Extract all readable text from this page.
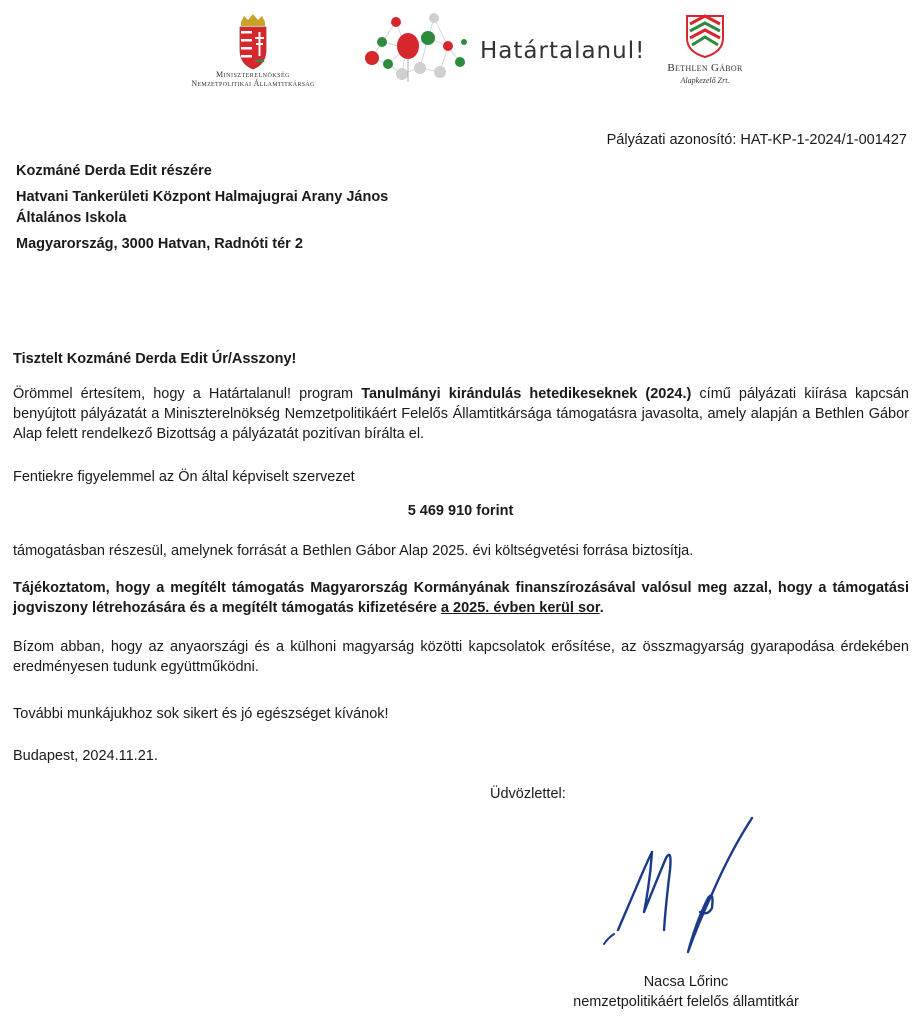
Miniszterelnökség
Nemzetpolitikai Államtitkárság
Határtalanul!
Bethlen Gábor
Alapkezelő Zrt.
Pályázati azonosító: HAT-KP-1-2024/1-001427
Kozmáné Derda Edit részére
Hatvani Tankerületi Központ Halmajugrai Arany János
Általános Iskola
Magyarország, 3000 Hatvan, Radnóti tér 2
Tisztelt Kozmáné Derda Edit Úr/Asszony!
Örömmel értesítem, hogy a Határtalanul! program Tanulmányi kirándulás hetedikeseknek (2024.) című pályázati kiírása kapcsán benyújtott pályázatát a Miniszterelnökség Nemzetpolitikáért Felelős Államtitkársága támogatásra javasolta, amely alapján a Bethlen Gábor Alap felett rendelkező Bizottság a pályázatát pozitívan bírálta el.
Fentiekre figyelemmel az Ön által képviselt szervezet
5 469 910 forint
támogatásban részesül, amelynek forrását a Bethlen Gábor Alap 2025. évi költségvetési forrása biztosítja.
Tájékoztatom, hogy a megítélt támogatás Magyarország Kormányának finanszírozásával valósul meg azzal, hogy a támogatási jogviszony létrehozására és a megítélt támogatás kifizetésére a 2025. évben kerül sor.
Bízom abban, hogy az anyaországi és a külhoni magyarság közötti kapcsolatok erősítése, az összmagyarság gyarapodása érdekében eredményesen tudunk együttműködni.
További munkájukhoz sok sikert és jó egészséget kívánok!
Budapest, 2024.11.21.
Üdvözlettel:
Nacsa Lőrinc
nemzetpolitikáért felelős államtitkár
